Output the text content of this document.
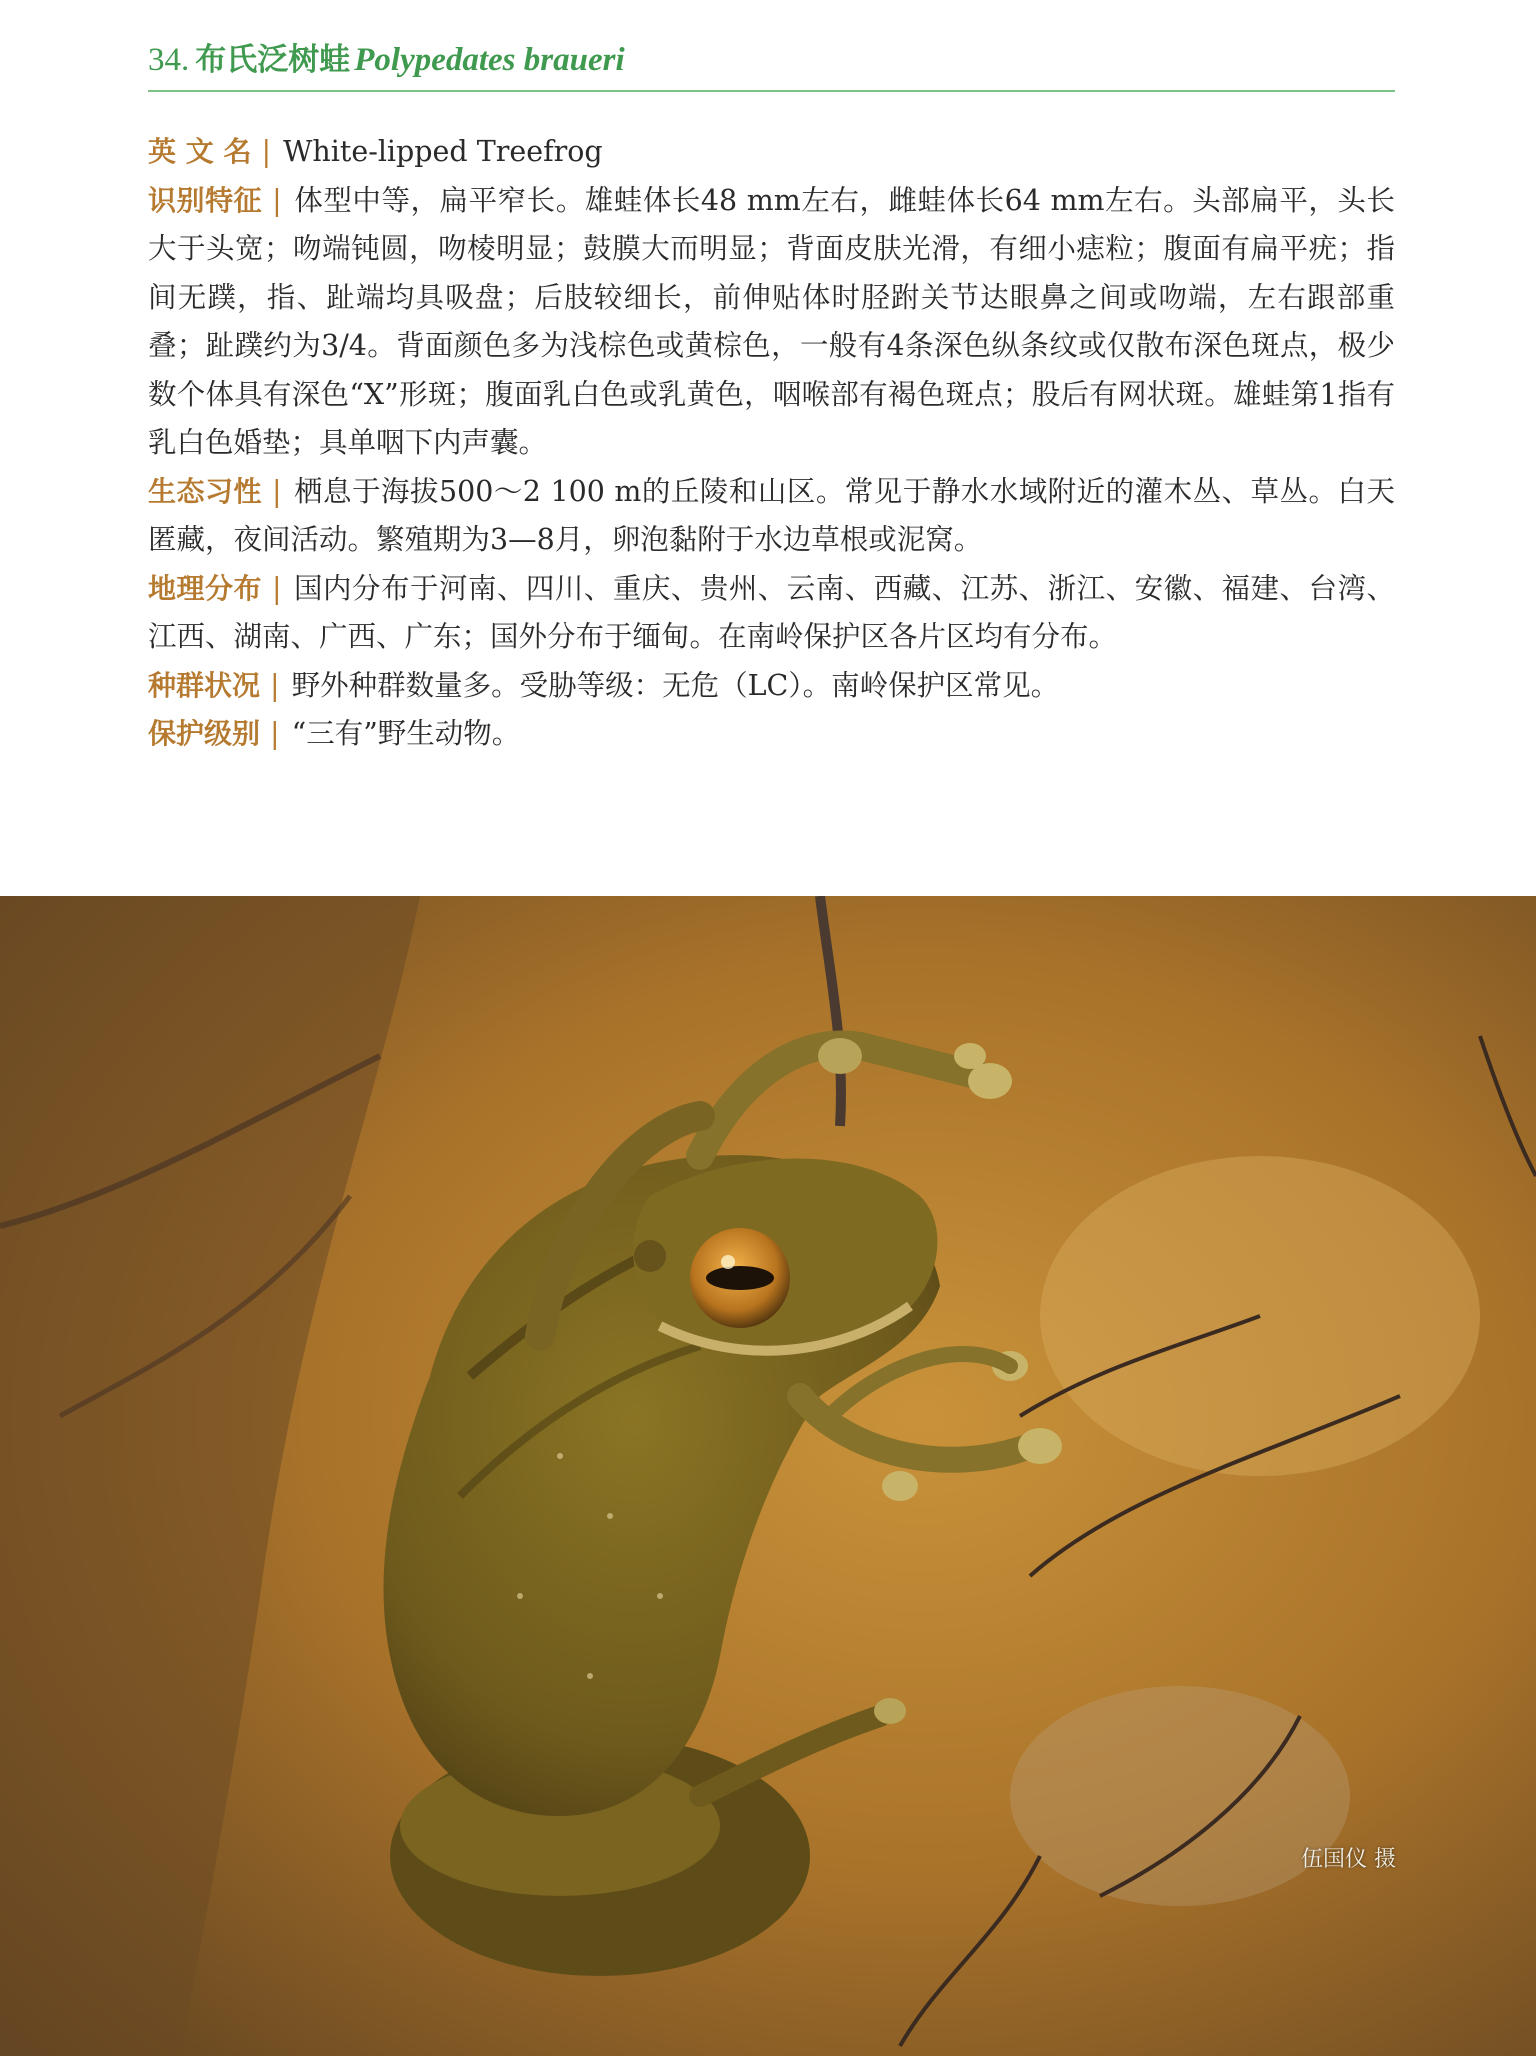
34. 布氏泛树蛙 Polypedates braueri

英 文 名 | White-lipped Treefrog

识别特征 | 体型中等，扁平窄长。雄蛙体长48 mm左右，雌蛙体长64 mm左右。头部扁平，头长大于头宽；吻端钝圆，吻棱明显；鼓膜大而明显；背面皮肤光滑，有细小痣粒；腹面有扁平疣；指间无蹼，指、趾端均具吸盘；后肢较细长，前伸贴体时胫跗关节达眼鼻之间或吻端，左右跟部重叠；趾蹼约为3/4。背面颜色多为浅棕色或黄棕色，一般有4条深色纵条纹或仅散布深色斑点，极少数个体具有深色“X”形斑；腹面乳白色或乳黄色，咽喉部有褐色斑点；股后有网状斑。雄蛙第1指有乳白色婚垫；具单咽下内声囊。

生态习性 | 栖息于海拔500～2 100 m的丘陵和山区。常见于静水水域附近的灌木丛、草丛。白天匿藏，夜间活动。繁殖期为3—8月，卵泡黏附于水边草根或泥窝。

地理分布 | 国内分布于河南、四川、重庆、贵州、云南、西藏、江苏、浙江、安徽、福建、台湾、江西、湖南、广西、广东；国外分布于缅甸。在南岭保护区各片区均有分布。

种群状况 | 野外种群数量多。受胁等级：无危（LC）。南岭保护区常见。

保护级别 | “三有”野生动物。

伍国仪 摄
